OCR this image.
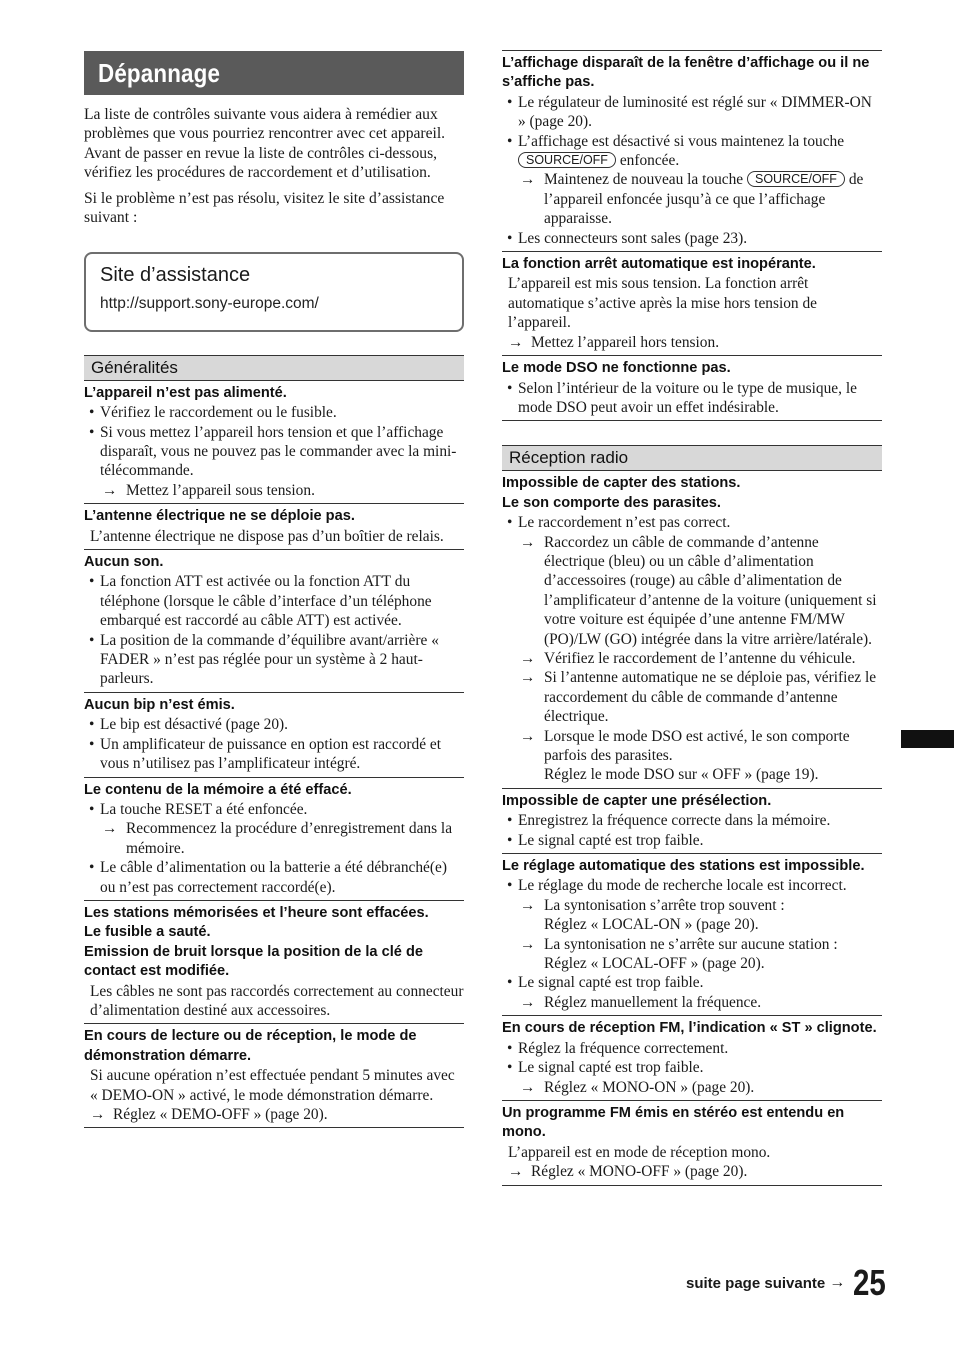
Dépannage

La liste de contrôles suivante vous aidera à remédier aux problèmes que vous pourriez rencontrer avec cet appareil. Avant de passer en revue la liste de contrôles ci-dessous, vérifiez les procédures de raccordement et d’utilisation.

Si le problème n’est pas résolu, visitez le site d’assistance suivant :

Site d’assistance
http://support.sony-europe.com/
Généralités
L’appareil n’est pas alimenté.
• Vérifiez le raccordement ou le fusible.
• Si vous mettez l’appareil hors tension et que l’affichage disparaît, vous ne pouvez pas le commander avec la mini-télécommande.
→ Mettez l’appareil sous tension.
L’antenne électrique ne se déploie pas.
L’antenne électrique ne dispose pas d’un boîtier de relais.
Aucun son.
• La fonction ATT est activée ou la fonction ATT du téléphone (lorsque le câble d’interface d’un téléphone embarqué est raccordé au câble ATT) est activée.
• La position de la commande d’équilibre avant/arrière « FADER » n’est pas réglée pour un système à 2 haut-parleurs.
Aucun bip n’est émis.
• Le bip est désactivé (page 20).
• Un amplificateur de puissance en option est raccordé et vous n’utilisez pas l’amplificateur intégré.
Le contenu de la mémoire a été effacé.
• La touche RESET a été enfoncée.
→ Recommencez la procédure d’enregistrement dans la mémoire.
• Le câble d’alimentation ou la batterie a été débranché(e) ou n’est pas correctement raccordé(e).
Les stations mémorisées et l’heure sont effacées.
Le fusible a sauté.
Emission de bruit lorsque la position de la clé de contact est modifiée.
Les câbles ne sont pas raccordés correctement au connecteur d’alimentation destiné aux accessoires.
En cours de lecture ou de réception, le mode de démonstration démarre.
Si aucune opération n’est effectuée pendant 5 minutes avec « DEMO-ON » activé, le mode démonstration démarre.
→ Réglez « DEMO-OFF » (page 20).
L’affichage disparaît de la fenêtre d’affichage ou il ne s’affiche pas.
• Le régulateur de luminosité est réglé sur « DIMMER-ON » (page 20).
• L’affichage est désactivé si vous maintenez la touche SOURCE/OFF enfoncée.
→ Maintenez de nouveau la touche SOURCE/OFF de l’appareil enfoncée jusqu’à ce que l’affichage apparaisse.
• Les connecteurs sont sales (page 23).
La fonction arrêt automatique est inopérante.
L’appareil est mis sous tension. La fonction arrêt automatique s’active après la mise hors tension de l’appareil.
→ Mettez l’appareil hors tension.
Le mode DSO ne fonctionne pas.
• Selon l’intérieur de la voiture ou le type de musique, le mode DSO peut avoir un effet indésirable.
Réception radio
Impossible de capter des stations.
Le son comporte des parasites.
• Le raccordement n’est pas correct.
→ Raccordez un câble de commande d’antenne électrique (bleu) ou un câble d’alimentation d’accessoires (rouge) au câble d’alimentation de l’amplificateur d’antenne de la voiture (uniquement si votre voiture est équipée d’une antenne FM/MW (PO)/LW (GO) intégrée dans la vitre arrière/latérale).
→ Vérifiez le raccordement de l’antenne du véhicule.
→ Si l’antenne automatique ne se déploie pas, vérifiez le raccordement du câble de commande d’antenne électrique.
→ Lorsque le mode DSO est activé, le son comporte parfois des parasites.
Réglez le mode DSO sur « OFF » (page 19).
Impossible de capter une présélection.
• Enregistrez la fréquence correcte dans la mémoire.
• Le signal capté est trop faible.
Le réglage automatique des stations est impossible.
• Le réglage du mode de recherche locale est incorrect.
→ La syntonisation s’arrête trop souvent :
Réglez « LOCAL-ON » (page 20).
→ La syntonisation ne s’arrête sur aucune station :
Réglez « LOCAL-OFF » (page 20).
• Le signal capté est trop faible.
→ Réglez manuellement la fréquence.
En cours de réception FM, l’indication « ST » clignote.
• Réglez la fréquence correctement.
• Le signal capté est trop faible.
→ Réglez « MONO-ON » (page 20).
Un programme FM émis en stéréo est entendu en mono.
L’appareil est en mode de réception mono.
→ Réglez « MONO-OFF » (page 20).
suite page suivante → 25
